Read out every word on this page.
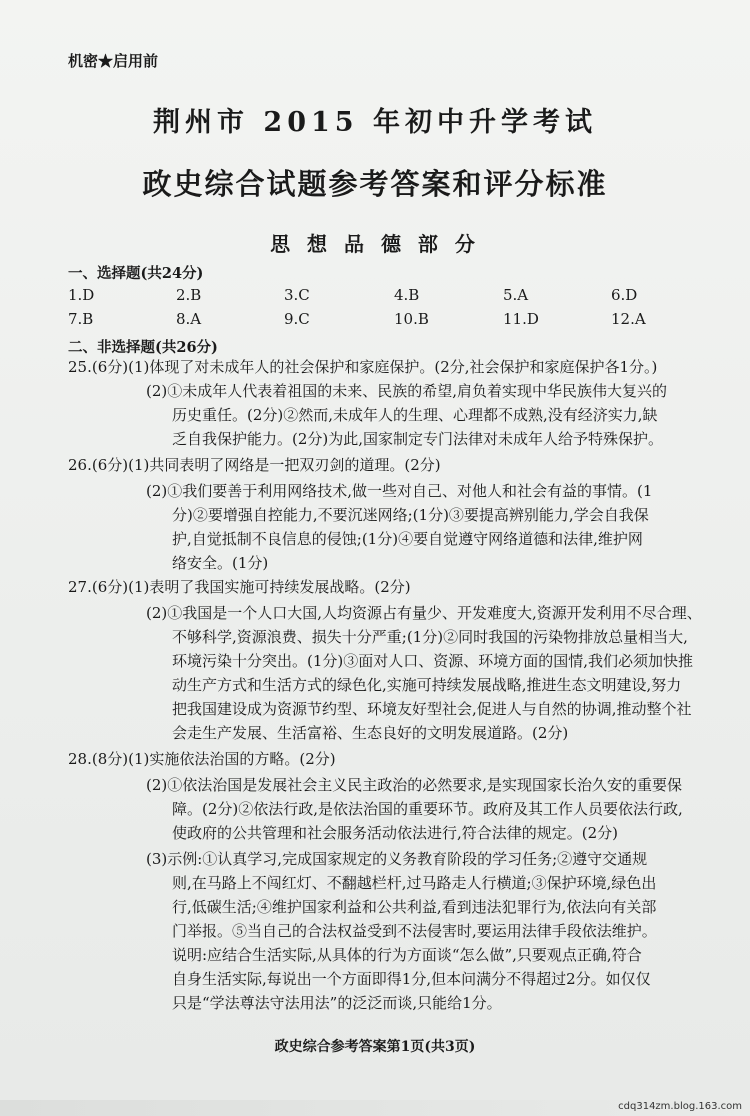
机密★启用前
荆州市 2015 年初中升学考试
政史综合试题参考答案和评分标准
思 想 品 德 部 分
一、选择题(共24分)
1.D	2.B	3.C	4.B	5.A	6.D
7.B	8.A	9.C	10.B	11.D	12.A
二、非选择题(共26分)
25.(6分)(1)体现了对未成年人的社会保护和家庭保护。(2分,社会保护和家庭保护各1分。)
(2)①未成年人代表着祖国的未来、民族的希望,肩负着实现中华民族伟大复兴的
历史重任。(2分)②然而,未成年人的生理、心理都不成熟,没有经济实力,缺
乏自我保护能力。(2分)为此,国家制定专门法律对未成年人给予特殊保护。
26.(6分)(1)共同表明了网络是一把双刃剑的道理。(2分)
(2)①我们要善于利用网络技术,做一些对自己、对他人和社会有益的事情。(1
分)②要增强自控能力,不要沉迷网络;(1分)③要提高辨别能力,学会自我保
护,自觉抵制不良信息的侵蚀;(1分)④要自觉遵守网络道德和法律,维护网
络安全。(1分)
27.(6分)(1)表明了我国实施可持续发展战略。(2分)
(2)①我国是一个人口大国,人均资源占有量少、开发难度大,资源开发利用不尽合理、
不够科学,资源浪费、损失十分严重;(1分)②同时我国的污染物排放总量相当大,
环境污染十分突出。(1分)③面对人口、资源、环境方面的国情,我们必须加快推
动生产方式和生活方式的绿色化,实施可持续发展战略,推进生态文明建设,努力
把我国建设成为资源节约型、环境友好型社会,促进人与自然的协调,推动整个社
会走生产发展、生活富裕、生态良好的文明发展道路。(2分)
28.(8分)(1)实施依法治国的方略。(2分)
(2)①依法治国是发展社会主义民主政治的必然要求,是实现国家长治久安的重要保
障。(2分)②依法行政,是依法治国的重要环节。政府及其工作人员要依法行政,
使政府的公共管理和社会服务活动依法进行,符合法律的规定。(2分)
(3)示例:①认真学习,完成国家规定的义务教育阶段的学习任务;②遵守交通规
则,在马路上不闯红灯、不翻越栏杆,过马路走人行横道;③保护环境,绿色出
行,低碳生活;④维护国家利益和公共利益,看到违法犯罪行为,依法向有关部
门举报。⑤当自己的合法权益受到不法侵害时,要运用法律手段依法维护。
说明:应结合生活实际,从具体的行为方面谈“怎么做”,只要观点正确,符合
自身生活实际,每说出一个方面即得1分,但本问满分不得超过2分。如仅仅
只是“学法尊法守法用法”的泛泛而谈,只能给1分。
政史综合参考答案第1页(共3页)
cdq314zm.blog.163.com
